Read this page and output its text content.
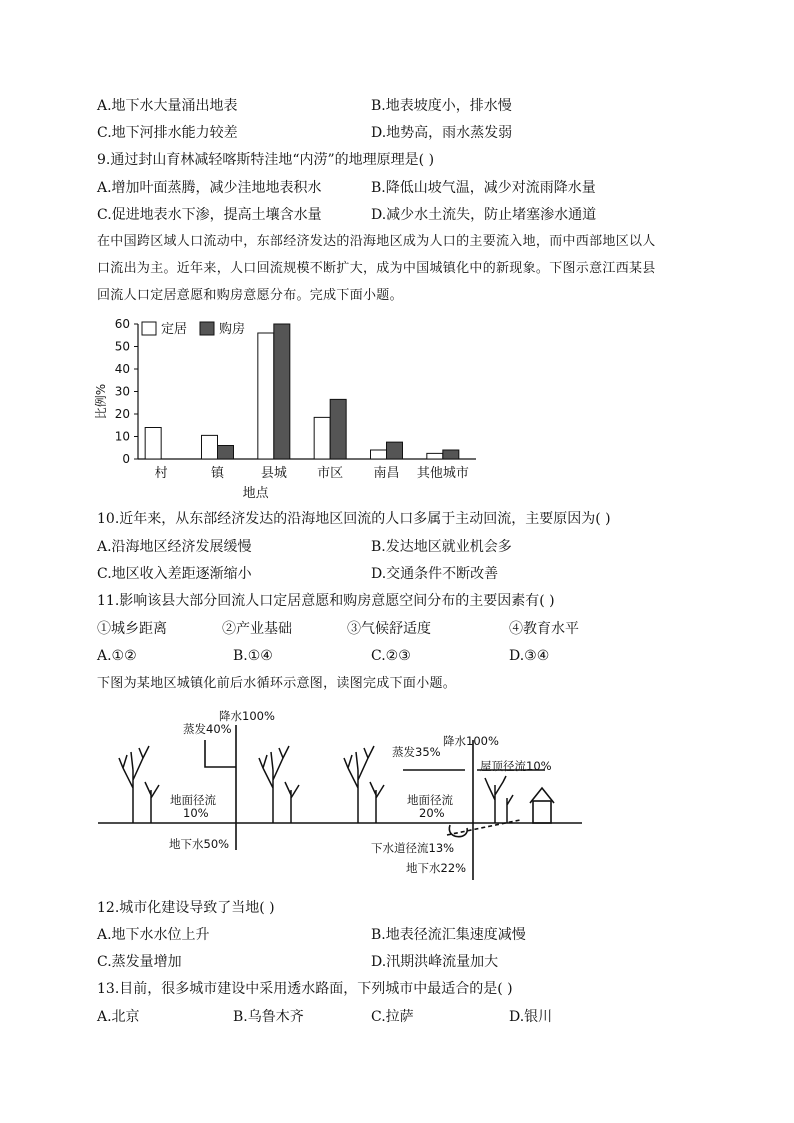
A.地下水大量涌出地表	B.地表坡度小，排水慢
C.地下河排水能力较差	D.地势高，雨水蒸发弱
9.通过封山育林减轻喀斯特洼地“内涝”的地理原理是( )
A.增加叶面蒸腾，减少洼地地表积水	B.降低山坡气温，减少对流雨降水量
C.促进地表水下渗，提高土壤含水量	D.减少水土流失，防止堵塞渗水通道
在中国跨区域人口流动中，东部经济发达的沿海地区成为人口的主要流入地，而中西部地区以人
口流出为主。近年来，人口回流规模不断扩大，成为中国城镇化中的新现象。下图示意江西某县
回流人口定居意愿和购房意愿分布。完成下面小题。
0
10
20
30
40
50
60
比例%
村	镇	县城 市区 南昌 其他城市
地点
定居 购房
10.近年来，从东部经济发达的沿海地区回流的人口多属于主动回流，主要原因为( )
A.沿海地区经济发展缓慢	B.发达地区就业机会多
C.地区收入差距逐渐缩小	D.交通条件不断改善
11.影响该县大部分回流人口定居意愿和购房意愿空间分布的主要因素有( )
①城乡距离	②产业基础	③气候舒适度	④教育水平
A.①②	B.①④	C.②③	D.③④
下图为某地区城镇化前后水循环示意图，读图完成下面小题。
降水100%
蒸发40%
地面径流
10%
地下水50%
降水100%
蒸发35%
屋顶径流10%
地面径流
20%
下水道径流13%
地下水22%
12.城市化建设导致了当地( )
A.地下水水位上升	B.地表径流汇集速度减慢
C.蒸发量增加	D.汛期洪峰流量加大
13.目前，很多城市建设中采用透水路面，下列城市中最适合的是( )
A.北京	B.乌鲁木齐	C.拉萨	D.银川
